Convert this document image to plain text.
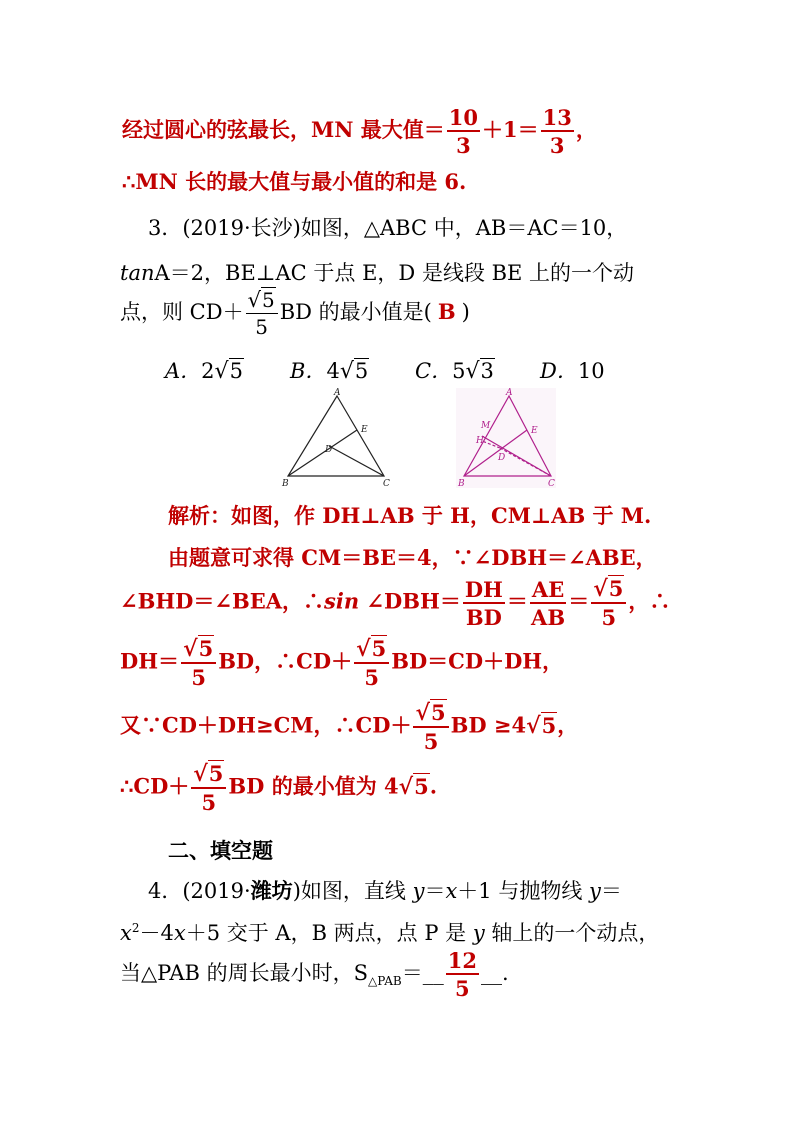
经过圆心的弦最长，MN 最大值＝ $\frac{10}{3} +1= \frac{13}{3}$ ，
∴MN 长的最大值与最小值的和是 6.
3．(2019·长沙)如图，△ABC 中，AB＝AC＝10，
tanA＝2，BE⊥AC 于点 E，D 是线段 BE 上的一个动
点，则 $CD+ \frac{√5}{5}$ BD 的最小值是( B )
A．2√5 B．4√5 C．5√3 D．10
A
E
D
B	C
A
M
H
E
D
B	C
解析：如图，作 DH⊥AB 于 H，CM⊥AB 于 M.
由题意可求得 CM＝BE＝4，∵∠DBH＝∠ABE，
∠BHD＝∠BEA，∴sin ∠DBH＝ $\frac{DH}{BD} = \frac{AE}{AB} = \frac{√5}{5}$ ，∴
$DH= \frac{√5}{5}$ BD，∴CD＋ $\frac{√5}{5} BD=CD+DH$，
又∵CD＋DH≥CM，∴CD＋ $\frac{√5}{5}$ BD ≥4√5，
∴CD＋ $\frac{√5}{5}$ BD 的最小值为 4√5.
二、填空题
4．(2019·潍坊)如图，直线 y＝x＋1 与抛物线 y＝
$x^2-4x+5$ 交于 A，B 两点，点 P 是 y 轴上的一个动点，
当△PAB 的周长最小时，$S_{\triangle PAB}=\_\_ \frac{12}{5}$ __.
